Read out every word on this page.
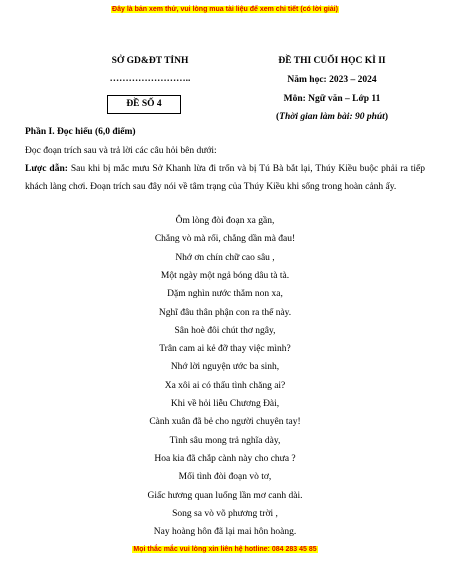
Đây là bản xem thử, vui lòng mua tài liệu để xem chi tiết (có lời giải)
SỞ GD&ĐT TỈNH
……………………..
ĐỀ SỐ 4
ĐỀ THI CUỐI HỌC KÌ II
Năm học: 2023 – 2024
Môn: Ngữ văn – Lớp 11
(Thời gian làm bài: 90 phút)
Phần I. Đọc hiểu (6,0 điểm)
Đọc đoạn trích sau và trả lời các câu hỏi bên dưới:
Lược dẫn: Sau khi bị mắc mưu Sở Khanh lừa đi trốn và bị Tú Bà bắt lại, Thúy Kiều buộc phải ra tiếp khách làng chơi. Đoạn trích sau đây nói về tâm trạng của Thúy Kiều khi sống trong hoàn cảnh ấy.
Ôm lòng đòi đoạn xa gần,
Chẳng vò mà rối, chẳng dần mà đau!
Nhớ ơn chín chữ cao sâu ,
Một ngày một ngả bóng dâu tà tà.
Dặm nghìn nước thẳm non xa,
Nghĩ đâu thân phận con ra thế này.
Sân hoè đôi chút thơ ngây,
Trân cam ai kẻ đỡ thay việc mình?
Nhớ lời nguyện ước ba sinh,
Xa xôi ai có thấu tình chăng ai?
Khi về hỏi liễu Chương Đài,
Cành xuân đã bẻ cho người chuyên tay!
Tình sâu mong trả nghĩa dày,
Hoa kia đã chắp cành này cho chưa ?
Mối tình đòi đoạn vò tơ,
Giấc hương quan luống lần mơ canh dài.
Song sa vò võ phương trời ,
Nay hoàng hôn đã lại mai hôn hoàng.
Mọi thắc mắc vui lòng xin liên hệ hotline: 084 283 45 85
